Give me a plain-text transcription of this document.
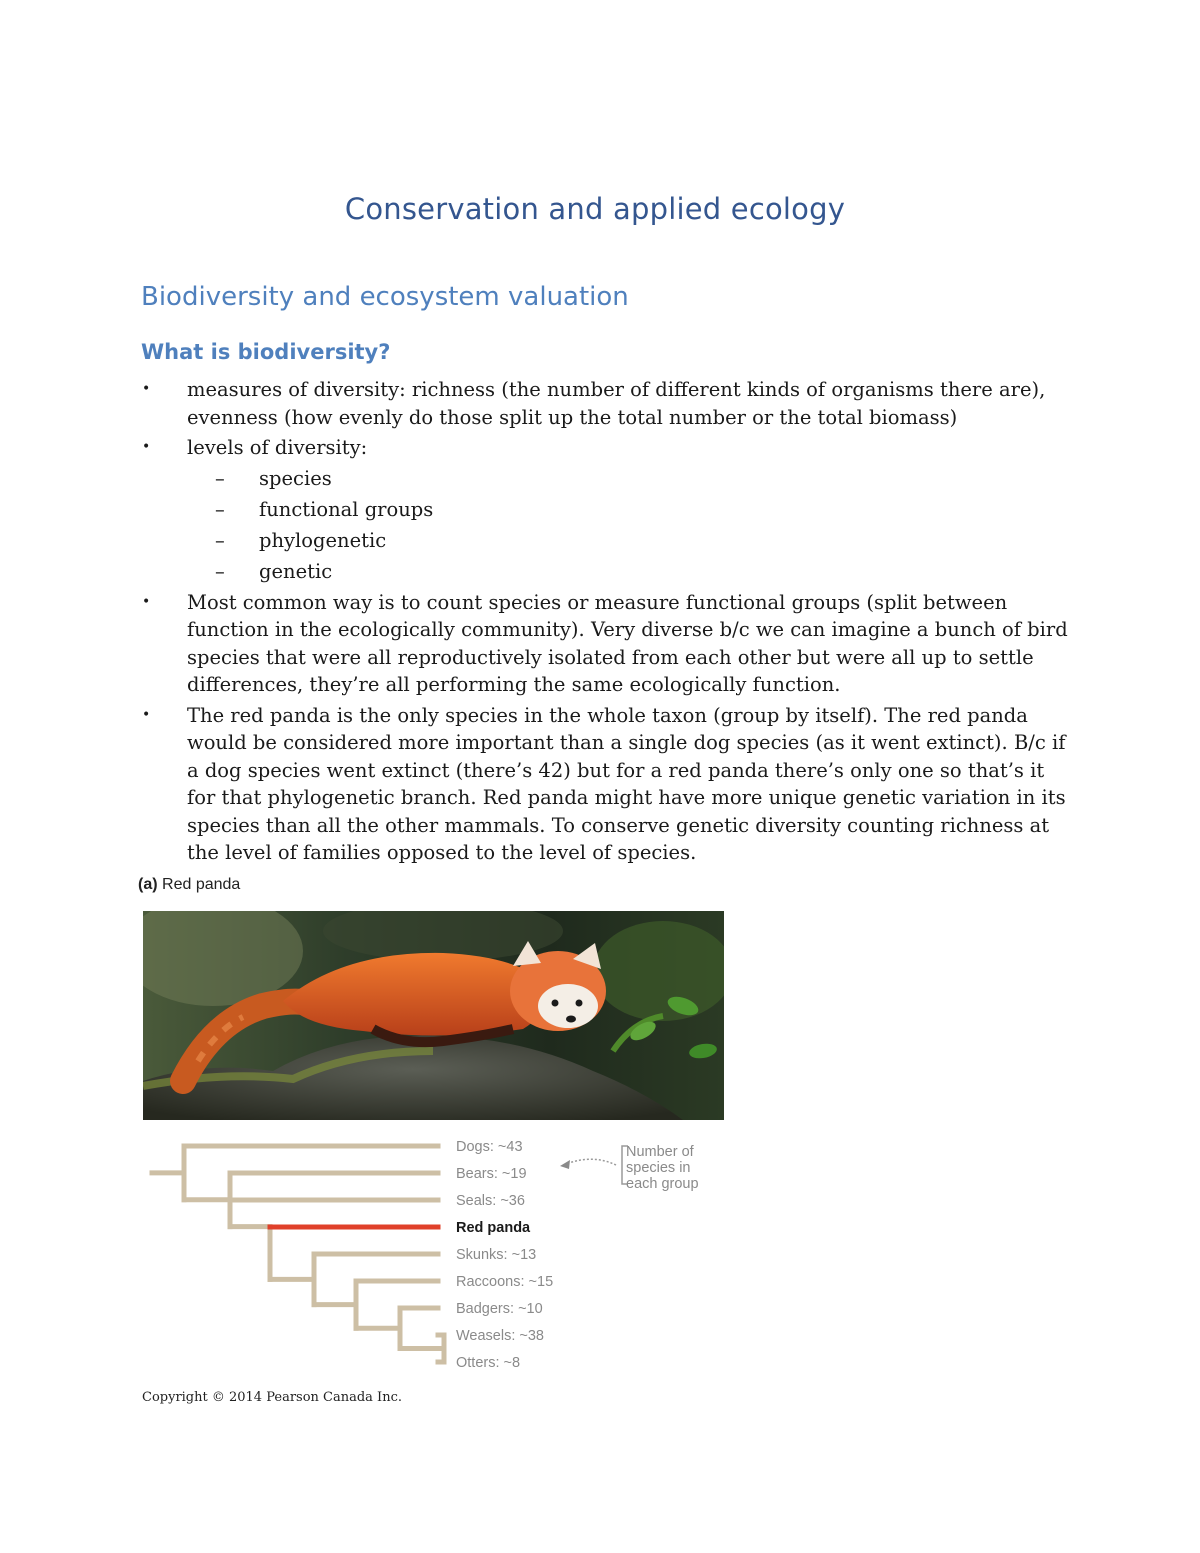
Conservation and applied ecology
Biodiversity and ecosystem valuation
What is biodiversity?
• measures of diversity: richness (the number of different kinds of organisms there are), evenness (how evenly do those split up the total number or the total biomass)
• levels of diversity:
– species
– functional groups
– phylogenetic
– genetic
• Most common way is to count species or measure functional groups (split between function in the ecologically community). Very diverse b/c we can imagine a bunch of bird species that were all reproductively isolated from each other but were all up to settle differences, they’re all performing the same ecologically function.
• The red panda is the only species in the whole taxon (group by itself). The red panda would be considered more important than a single dog species (as it went extinct). B/c if a dog species went extinct (there’s 42) but for a red panda there’s only one so that’s it for that phylogenetic branch. Red panda might have more unique genetic variation in its species than all the other mammals. To conserve genetic diversity counting richness at the level of families opposed to the level of species.
(a) Red panda
Dogs: ~43
Bears: ~19
Seals: ~36
Red panda
Skunks: ~13
Raccoons: ~15
Badgers: ~10
Weasels: ~38
Otters: ~8
Number of
species in
each group
Copyright © 2014 Pearson Canada Inc.
